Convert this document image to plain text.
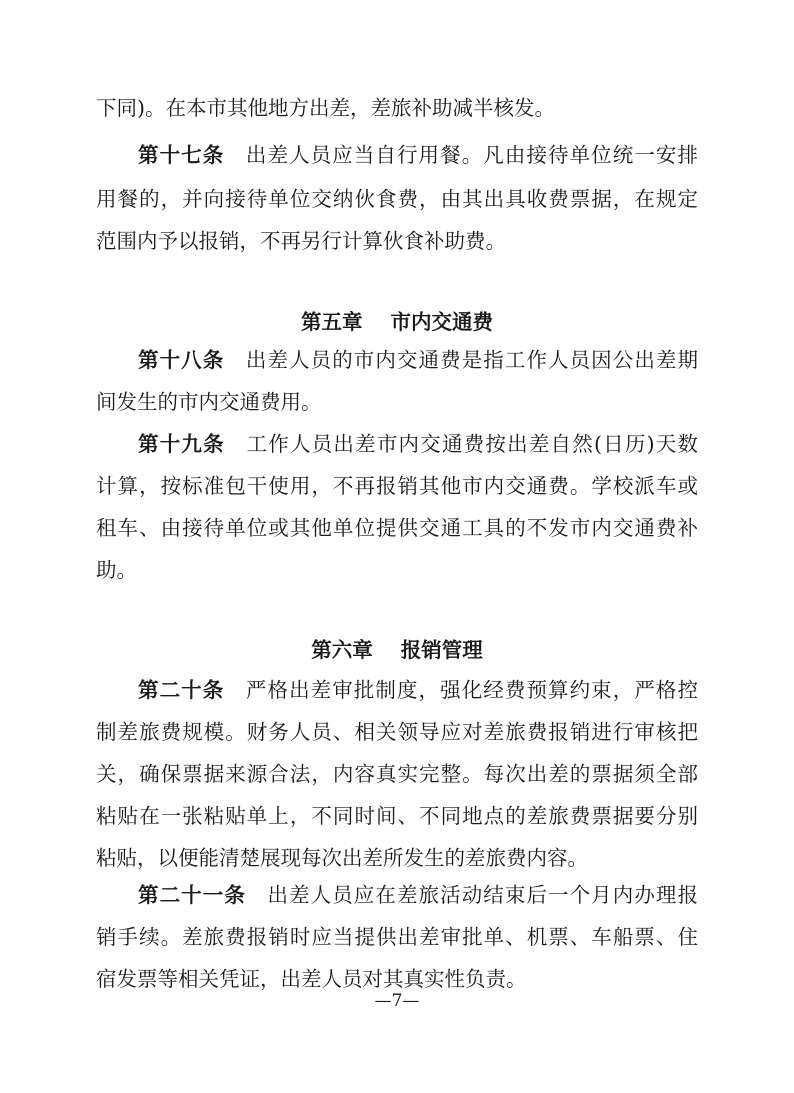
下同)。在本市其他地方出差，差旅补助减半核发。

第十七条  出差人员应当自行用餐。凡由接待单位统一安排

用餐的，并向接待单位交纳伙食费，由其出具收费票据，在规定

范围内予以报销，不再另行计算伙食补助费。

第五章 市内交通费

第十八条  出差人员的市内交通费是指工作人员因公出差期

间发生的市内交通费用。

第十九条  工作人员出差市内交通费按出差自然(日历)天数

计算，按标准包干使用，不再报销其他市内交通费。学校派车或

租车、由接待单位或其他单位提供交通工具的不发市内交通费补

助。

第六章 报销管理

第二十条  严格出差审批制度，强化经费预算约束，严格控

制差旅费规模。财务人员、相关领导应对差旅费报销进行审核把

关，确保票据来源合法，内容真实完整。每次出差的票据须全部

粘贴在一张粘贴单上，不同时间、不同地点的差旅费票据要分别

粘贴，以便能清楚展现每次出差所发生的差旅费内容。

第二十一条  出差人员应在差旅活动结束后一个月内办理报

销手续。差旅费报销时应当提供出差审批单、机票、车船票、住

宿发票等相关凭证，出差人员对其真实性负责。

—7—
